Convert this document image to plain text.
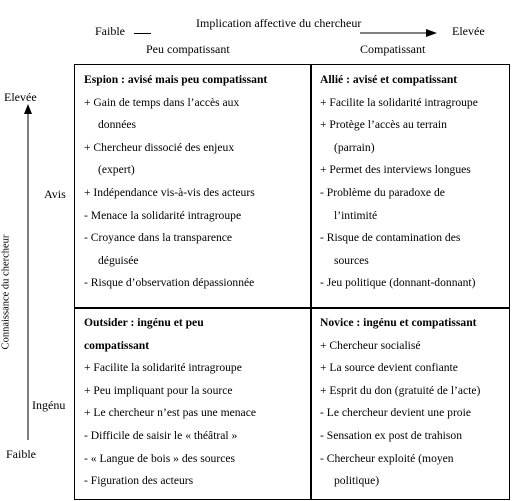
Implication affective du chercheur
Faible	Elevée
Peu compatissant	Compatissant
Elevée
Connaissance du chercheur
Avis
Ingénu
Faible
Espion : avisé mais peu compatissant
+ Gain de temps dans l’accès aux
données
+ Chercheur dissocié des enjeux
(expert)
+ Indépendance vis-à-vis des acteurs
- Menace la solidarité intragroupe
- Croyance dans la transparence
déguisée
- Risque d’observation dépassionnée
Allié : avisé et compatissant
+ Facilite la solidarité intragroupe
+ Protège l’accès au terrain
(parrain)
+ Permet des interviews longues
- Problème du paradoxe de
l’intimité
- Risque de contamination des
sources
- Jeu politique (donnant-donnant)
Outsider : ingénu et peu
compatissant
+ Facilite la solidarité intragroupe
+ Peu impliquant pour la source
+ Le chercheur n’est pas une menace
- Difficile de saisir le « théâtral »
- « Langue de bois » des sources
- Figuration des acteurs
Novice : ingénu et compatissant
+ Chercheur socialisé
+ La source devient confiante
+ Esprit du don (gratuité de l’acte)
- Le chercheur devient une proie
- Sensation ex post de trahison
- Chercheur exploité (moyen
politique)
